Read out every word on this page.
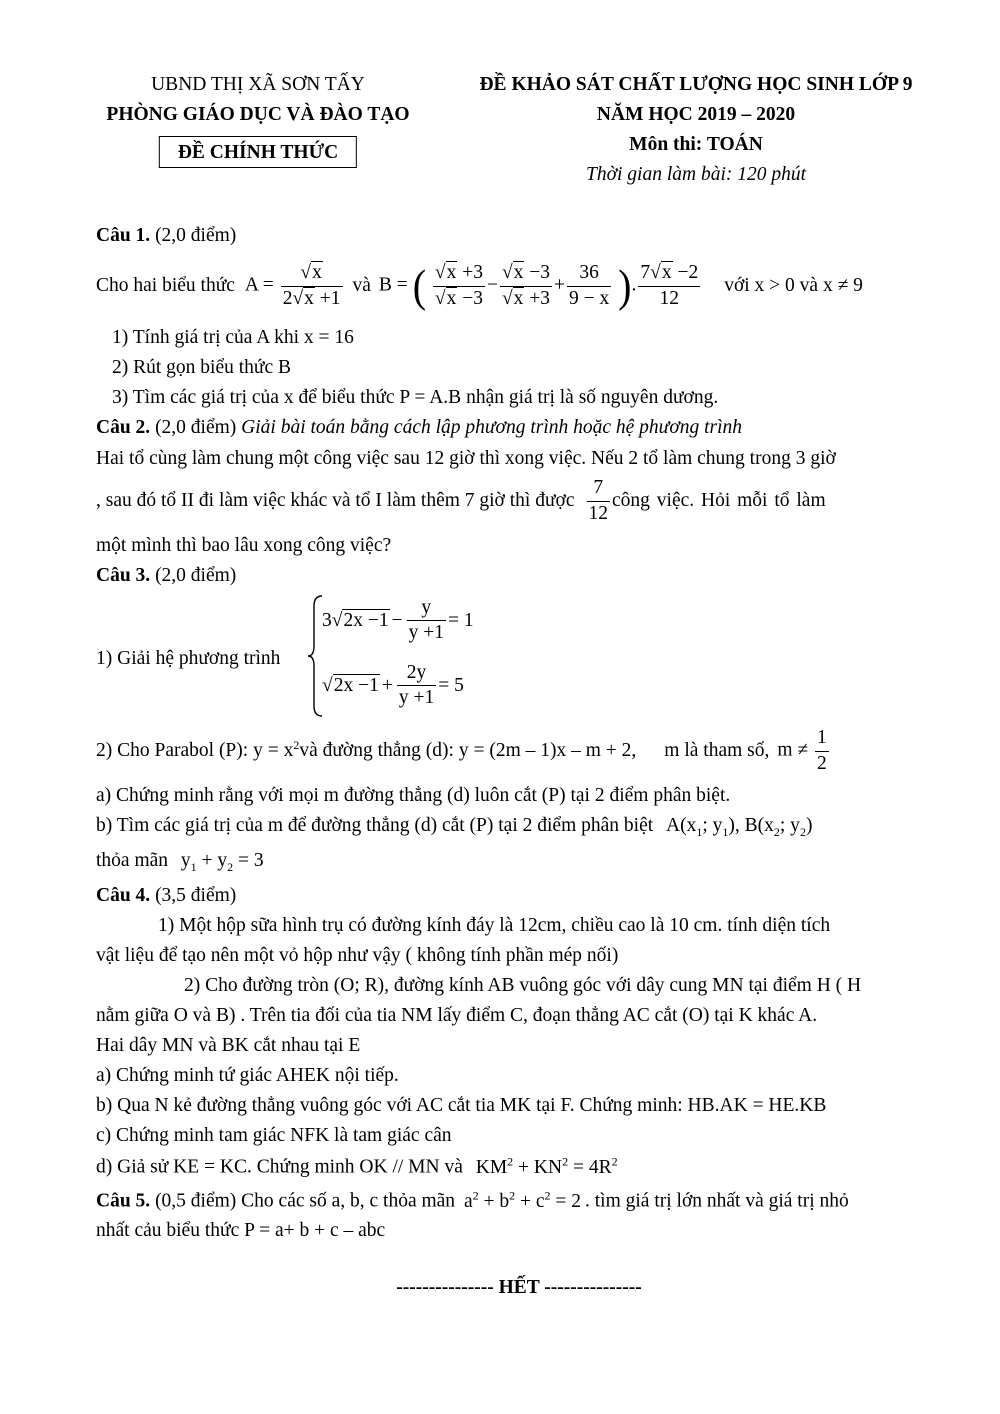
UBND THỊ XÃ SƠN TẤY
PHÒNG GIÁO DỤC VÀ ĐÀO TẠO
ĐỀ CHÍNH THỨC
ĐỀ KHẢO SÁT CHẤT LƯỢNG HỌC SINH LỚP 9
NĂM HỌC 2019 – 2020
Môn thi: TOÁN
Thời gian làm bài: 120 phút
Câu 1. (2,0 điểm)
Cho hai biểu thức $A = \frac{√x}{2√x +1}$ và B = ( $\frac{√x +3}{√x -3} - \frac{√x -3}{√x +3} + \frac{36}{9 - x}$ ). $\frac{7√x -2}{12}$ với x > 0 và x ≠ 9
1) Tính giá trị của A khi x = 16
2) Rút gọn biểu thức B
3) Tìm các giá trị của x để biểu thức P = A.B nhận giá trị là số nguyên dương.
Câu 2. (2,0 điểm) Giải bài toán bằng cách lập phương trình hoặc hệ phương trình
Hai tổ cùng làm chung một công việc sau 12 giờ thì xong việc. Nếu 2 tổ làm chung trong 3 giờ
, sau đó tổ II đi làm việc khác và tổ I làm thêm 7 giờ thì được $\frac{7}{12}$ công việc. Hỏi mỗi tổ làm
một mình thì bao lâu xong công việc?
Câu 3. (2,0 điểm)
1) Giải hệ phương trình
$3√2x -1 - \frac{y}{y +1} = 1$
$√2x -1 + \frac{2y}{y +1} = 5$
2) Cho Parabol (P): $y = x^2$ và đường thẳng (d): y = (2m – 1)x – m + 2, m là tham số, $m \ne \frac{1}{2}$
a) Chứng minh rằng với mọi m đường thẳng (d) luôn cắt (P) tại 2 điểm phân biệt.
b) Tìm các giá trị của m để đường thẳng (d) cắt (P) tại 2 điểm phân biệt $A(x_1$; $y_1$), $B(x_2$; $y_2$)
thỏa mãn $y_1 + y_2 = 3$
Câu 4. (3,5 điểm)
1) Một hộp sữa hình trụ có đường kính đáy là 12cm, chiều cao là 10 cm. tính diện tích
vật liệu để tạo nên một vỏ hộp như vậy ( không tính phần mép nối)
2) Cho đường tròn (O; R), đường kính AB vuông góc với dây cung MN tại điểm H ( H
nằm giữa O và B) . Trên tia đối của tia NM lấy điểm C, đoạn thẳng AC cắt (O) tại K khác A.
Hai dây MN và BK cắt nhau tại E
a) Chứng minh tứ giác AHEK nội tiếp.
b) Qua N kẻ đường thẳng vuông góc với AC cắt tia MK tại F. Chứng minh: HB.AK = HE.KB
c) Chứng minh tam giác NFK là tam giác cân
d) Giả sử KE = KC. Chứng minh OK // MN và $KM^2 + KN^2 = 4R^2$
Câu 5. (0,5 điểm) Cho các số a, b, c thỏa mãn $a^2 + b^2 + c^2 = 2$ . tìm giá trị lớn nhất và giá trị nhỏ
nhất cảu biểu thức P = a+ b + c – abc
--------------- HẾT ---------------
